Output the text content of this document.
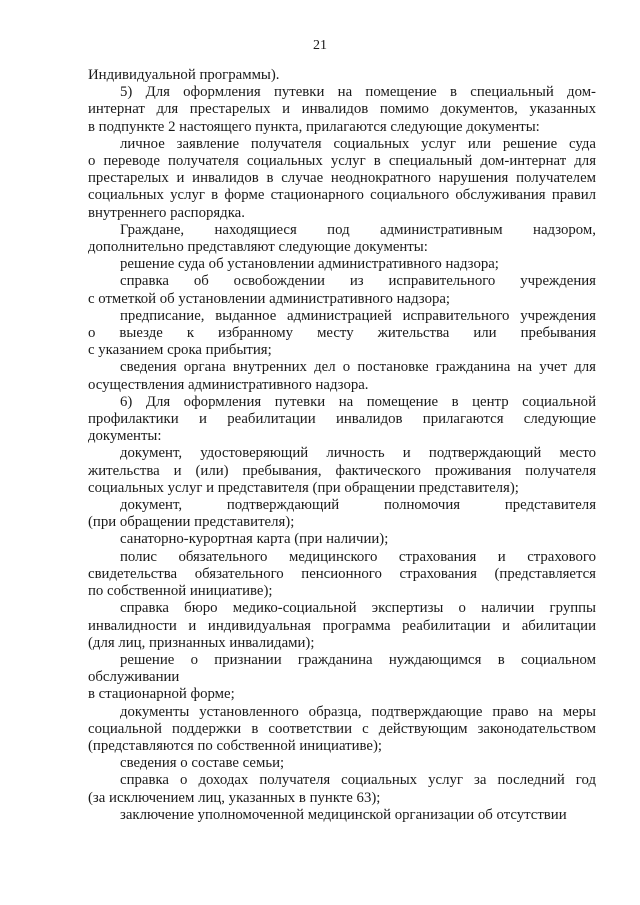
21
Индивидуальной программы).
5) Для оформления путевки на помещение в специальный дом-
интернат для престарелых и инвалидов помимо документов, указанных
в подпункте 2 настоящего пункта, прилагаются следующие документы:
личное заявление получателя социальных услуг или решение суда
о переводе получателя социальных услуг в специальный дом-интернат для
престарелых и инвалидов в случае неоднократного нарушения получателем
социальных услуг в форме стационарного социального обслуживания правил
внутреннего распорядка.
Граждане, находящиеся под административным надзором,
дополнительно представляют следующие документы:
решение суда об установлении административного надзора;
справка об освобождении из исправительного учреждения
с отметкой об установлении административного надзора;
предписание, выданное администрацией исправительного учреждения
о выезде к избранному месту жительства или пребывания
с указанием срока прибытия;
сведения органа внутренних дел о постановке гражданина на учет для
осуществления административного надзора.
6) Для оформления путевки на помещение в центр социальной
профилактики и реабилитации инвалидов прилагаются следующие
документы:
документ, удостоверяющий личность и подтверждающий место
жительства и (или) пребывания, фактического проживания получателя
социальных услуг и представителя (при обращении представителя);
документ, подтверждающий полномочия представителя
(при обращении представителя);
санаторно-курортная карта (при наличии);
полис обязательного медицинского страхования и страхового
свидетельства обязательного пенсионного страхования (представляется
по собственной инициативе);
справка бюро медико-социальной экспертизы о наличии группы
инвалидности и индивидуальная программа реабилитации и абилитации
(для лиц, признанных инвалидами);
решение о признании гражданина нуждающимся в социальном
обслуживании
в стационарной форме;
документы установленного образца, подтверждающие право на меры
социальной поддержки в соответствии с действующим законодательством
(представляются по собственной инициативе);
сведения о составе семьи;
справка о доходах получателя социальных услуг за последний год
(за исключением лиц, указанных в пункте 63);
заключение уполномоченной медицинской организации об отсутствии
